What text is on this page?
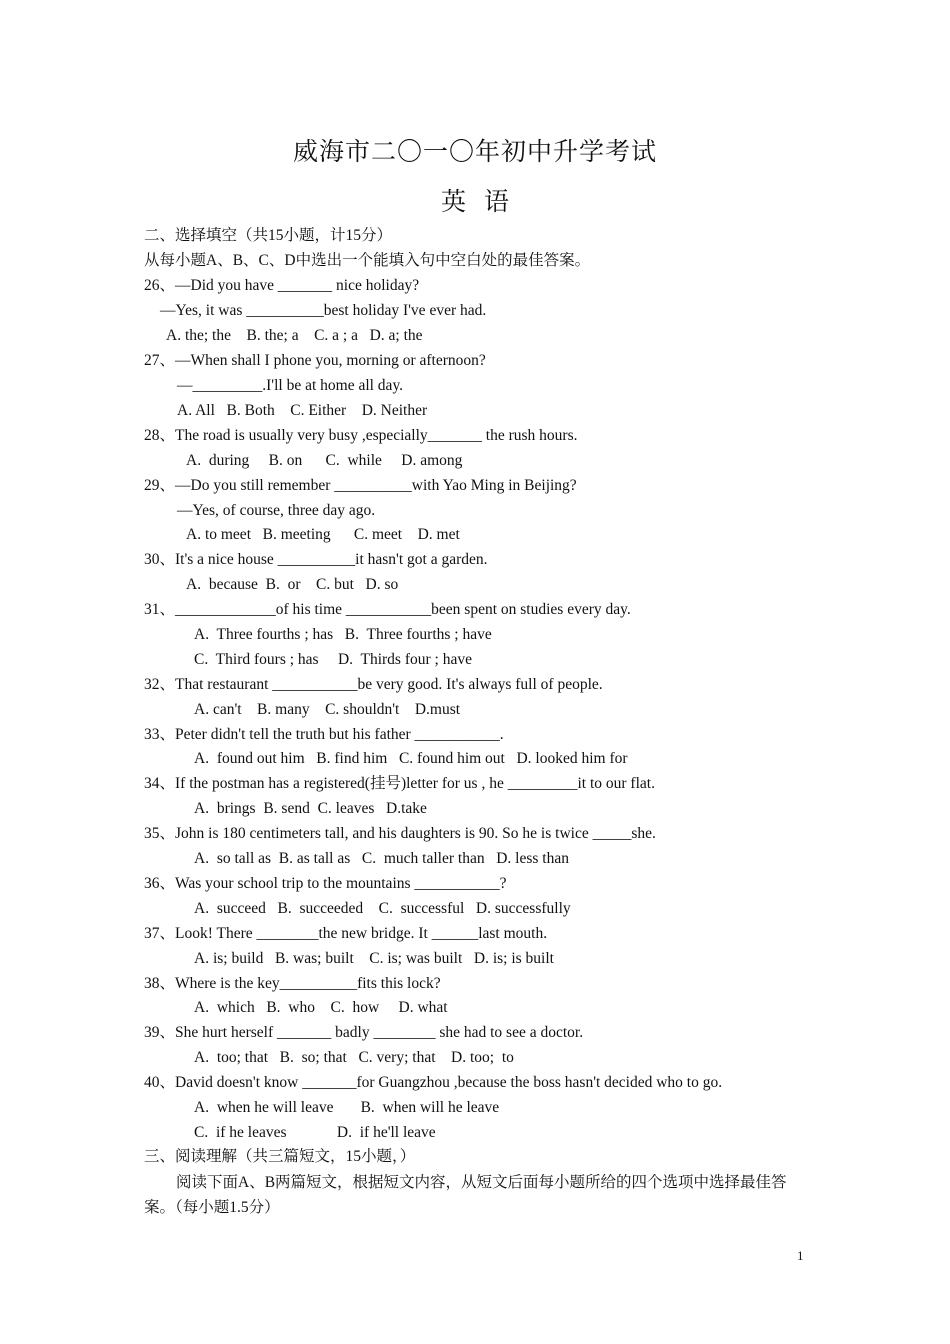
威海市二〇一〇年初中升学考试
英语
二、选择填空（共15小题，计15分）
从每小题A、B、C、D中选出一个能填入句中空白处的最佳答案。
26、—Did you have _______ nice holiday?
—Yes, it was __________best holiday I've ever had.
A. the; the    B. the; a    C. a ; a   D. a; the
27、—When shall I phone you, morning or afternoon?
—_________.I'll be at home all day.
A. All   B. Both    C. Either    D. Neither
28、The road is usually very busy ,especially_______ the rush hours.
A.  during     B. on      C.  while     D. among
29、—Do you still remember __________with Yao Ming in Beijing?
—Yes, of course, three day ago.
A. to meet   B. meeting      C. meet    D. met
30、It's a nice house __________it hasn't got a garden.
A.  because  B.  or    C. but   D. so
31、_____________of his time ___________been spent on studies every day.
A.  Three fourths ; has   B.  Three fourths ; have
C.  Third fours ; has     D.  Thirds four ; have
32、That restaurant ___________be very good. It's always full of people.
A. can't    B. many    C. shouldn't    D.must
33、Peter didn't tell the truth but his father ___________.
A.  found out him   B. find him   C. found him out   D. looked him for
34、If the postman has a registered(挂号)letter for us , he _________it to our flat.
A.  brings  B. send  C. leaves   D.take
35、John is 180 centimeters tall, and his daughters is 90. So he is twice _____she.
A.  so tall as  B. as tall as   C.  much taller than   D. less than
36、Was your school trip to the mountains ___________?
A.  succeed   B.  succeeded    C.  successful   D. successfully
37、Look! There ________the new bridge. It ______last mouth.
A. is; build   B. was; built    C. is; was built   D. is; is built
38、Where is the key__________fits this lock?
A.  which   B.  who    C.  how     D. what
39、She hurt herself _______ badly ________ she had to see a doctor.
A.  too; that   B.  so; that   C. very; that    D. too;  to
40、David doesn't know _______for Guangzhou ,because the boss hasn't decided who to go.
A.  when he will leave       B.  when will he leave
C.  if he leaves             D.  if he'll leave
三、阅读理解（共三篇短文，15小题，）
阅读下面A、B两篇短文，根据短文内容，从短文后面每小题所给的四个选项中选择最佳答案。（每小题1.5分）
1
